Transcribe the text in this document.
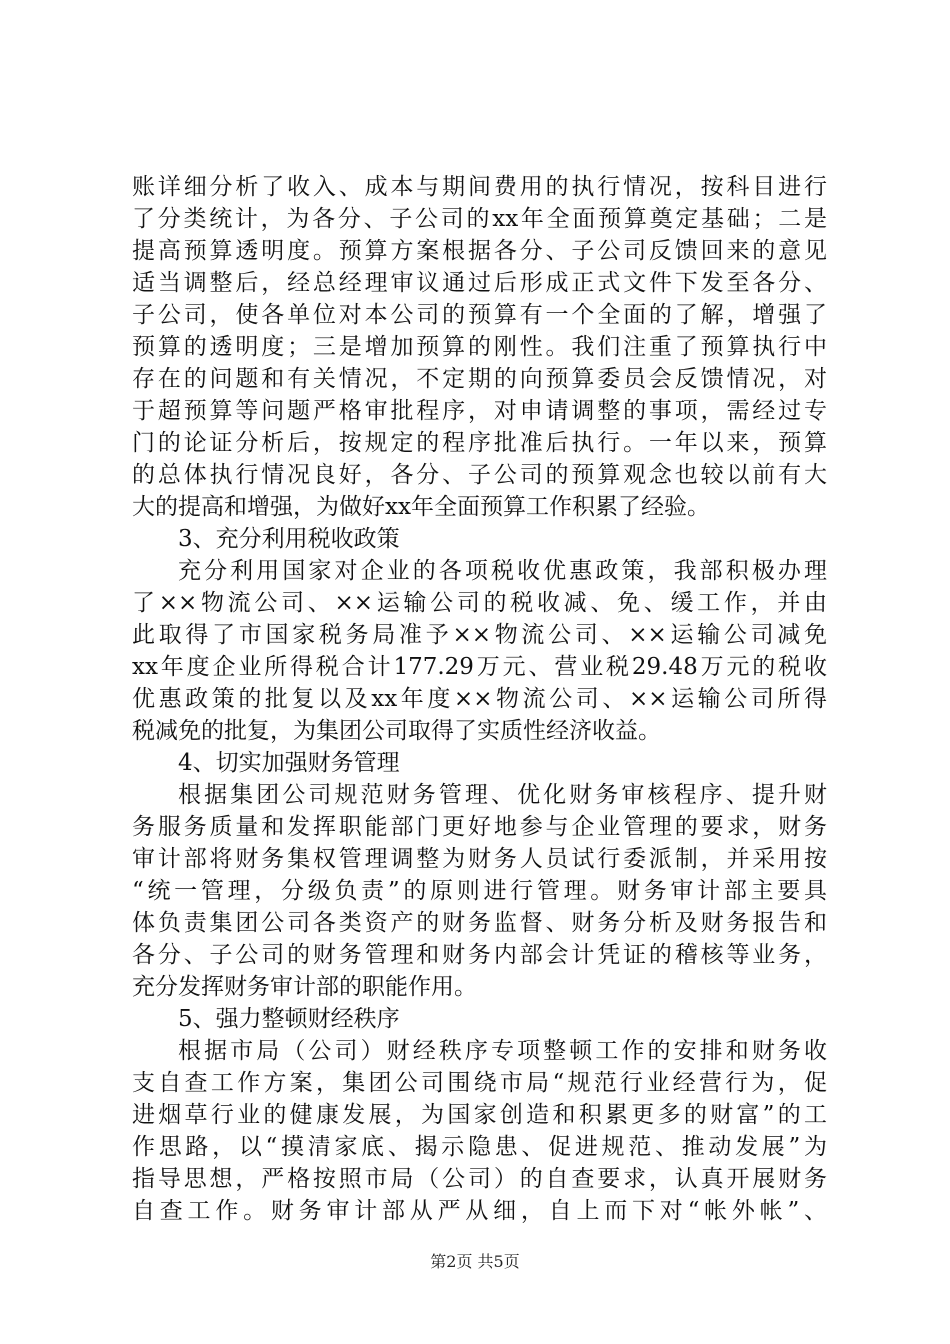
账详细分析了收入、成本与期间费用的执行情况，按科目进行
了分类统计，为各分、子公司的xx年全面预算奠定基础；二是
提高预算透明度。预算方案根据各分、子公司反馈回来的意见
适当调整后，经总经理审议通过后形成正式文件下发至各分、
子公司，使各单位对本公司的预算有一个全面的了解，增强了
预算的透明度；三是增加预算的刚性。我们注重了预算执行中
存在的问题和有关情况，不定期的向预算委员会反馈情况，对
于超预算等问题严格审批程序，对申请调整的事项，需经过专
门的论证分析后，按规定的程序批准后执行。一年以来，预算
的总体执行情况良好，各分、子公司的预算观念也较以前有大
大的提高和增强，为做好xx年全面预算工作积累了经验。
3、充分利用税收政策
充分利用国家对企业的各项税收优惠政策，我部积极办理
了××物流公司、××运输公司的税收减、免、缓工作，并由
此取得了市国家税务局准予××物流公司、××运输公司减免
xx年度企业所得税合计177.29万元、营业税29.48万元的税收
优惠政策的批复以及xx年度××物流公司、××运输公司所得
税减免的批复，为集团公司取得了实质性经济收益。
4、切实加强财务管理
根据集团公司规范财务管理、优化财务审核程序、提升财
务服务质量和发挥职能部门更好地参与企业管理的要求，财务
审计部将财务集权管理调整为财务人员试行委派制，并采用按
“统一管理，分级负责”的原则进行管理。财务审计部主要具
体负责集团公司各类资产的财务监督、财务分析及财务报告和
各分、子公司的财务管理和财务内部会计凭证的稽核等业务，
充分发挥财务审计部的职能作用。
5、强力整顿财经秩序
根据市局（公司）财经秩序专项整顿工作的安排和财务收
支自查工作方案，集团公司围绕市局“规范行业经营行为，促
进烟草行业的健康发展，为国家创造和积累更多的财富”的工
作思路，以“摸清家底、揭示隐患、促进规范、推动发展”为
指导思想，严格按照市局（公司）的自查要求，认真开展财务
自查工作。财务审计部从严从细，自上而下对“帐外帐”、
第2页 共5页
